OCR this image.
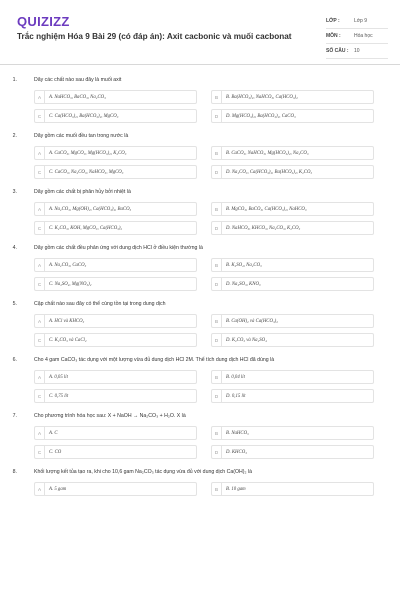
QUIZIZZ
Trắc nghiệm Hóa 9 Bài 29 (có đáp án): Axit cacbonic và muối cacbonat
LỚP :	Lớp 9
MÔN :	Hóa học
SỐ CÂU :	10
1.	Dãy các chất nào sau đây là muối axit
A	A. NaHCO₃, BaCO₃, Na₂CO₃	B	B. Ba(HCO₃)₂, NaHCO₃, Ca(HCO₃)₂
C	C. Ca(HCO₃)₂, Ba(HCO₃)₂, MgCO₃	D	D. Mg(HCO₃)₂, Ba(HCO₃)₂, CaCO₃
2.	Dãy gồm các muối đều tan trong nước là
A	A. CaCO₃, MgCO₃, Mg(HCO₃)₂, K₂CO₃	B	B. CaCO₃, NaHCO₃, Mg(HCO₃)₂, Na₂CO₃
C	C. CaCO₃, Na₂CO₃, NaHCO₃, MgCO₃	D	D. Na₂CO₃, Ca(HCO₃)₂, Ba(HCO₃)₂, K₂CO₃
3.	Dãy gồm các chất bị phân hủy bởi nhiệt là
A	A. Na₂CO₃, Mg(OH)₂, Ca(HCO₃)₂, BaCO₃	B	B. MgCO₃, BaCO₃, Ca(HCO₃)₂, NaHCO₃
C	C. K₂CO₃, KOH, MgCO₃, Ca(HCO₃)₂	D	D. NaHCO₃, KHCO₃, Na₂CO₃, K₂CO₃
4.	Dãy gồm các chất đều phản ứng với dung dịch HCl ở điều kiện thường là
A	A. Na₂CO₃, CaCO₃	B	B. K₂SO₄, Na₂CO₃
C	C. Na₂SO₄, Mg(NO₃)₂	D	D. Na₂SO₃, KNO₃
5.	Cặp chất nào sau đây có thể cùng tồn tại trong dung dịch
A	A. HCl và KHCO₃	B	B. Ca(OH)₂ và Ca(HCO₃)₂
C	C. K₂CO₃ và CaCl₂	D	D. K₂CO₃ và Na₂SO₄
6.	Cho 4 gam CaCO₃ tác dụng với một lượng vừa đủ dung dịch HCl 2M. Thể tích dung dịch HCl đã dùng là
A	A. 0,05 lít	B	B. 0,04 lít
C	C. 0,75 lít	D	D. 0,15 lít
7.	Cho phương trình hóa học sau: X + NaOH → Na₂CO₃ + H₂O. X là
A	A. C	B	B. NaHCO₃
C	C. CO	D	D. KHCO₃
8.	Khối lượng kết tủa tạo ra, khi cho 10,6 gam Na₂CO₃ tác dụng vừa đủ với dung dịch Ca(OH)₂ là
A	A. 5 gam	B	B. 10 gam
